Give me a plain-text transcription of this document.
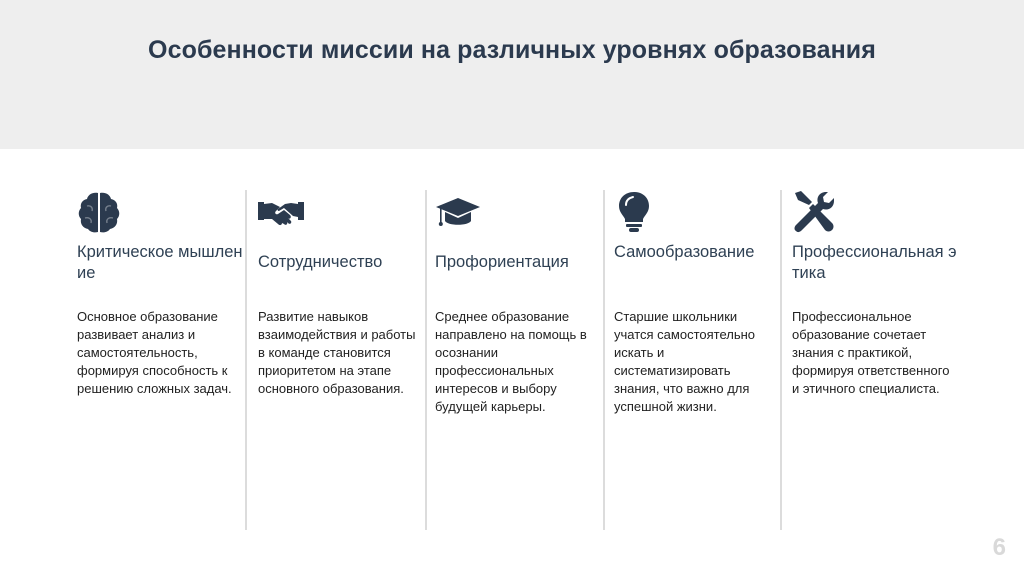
Особенности миссии на различных уровнях образования
Критическое мышление
Основное образование развивает анализ и самостоятельность, формируя способность к решению сложных задач.
Сотрудничество
Развитие навыков взаимодействия и работы в команде становится приоритетом на этапе основного образования.
Профориентация
Среднее образование направлено на помощь в осознании профессиональных интересов и выбору будущей карьеры.
Самообразование
Старшие школьники учатся самостоятельно искать и систематизировать знания, что важно для успешной жизни.
Профессиональная этика
Профессиональное образование сочетает знания с практикой, формируя ответственного и этичного специалиста.
6
